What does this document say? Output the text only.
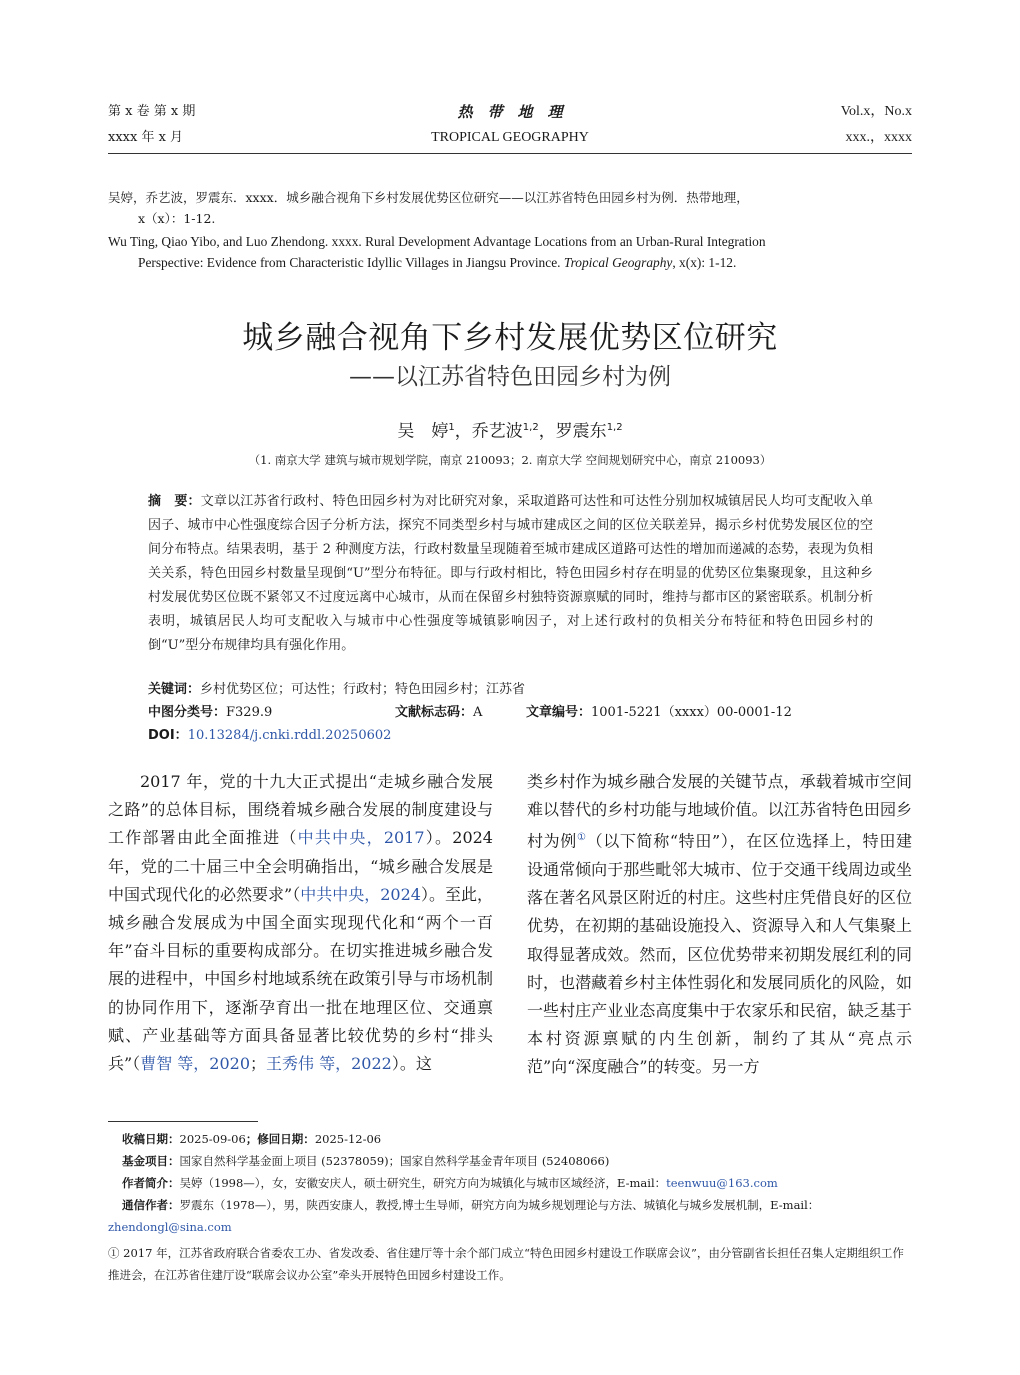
第 x 卷 第 x 期
xxxx 年 x 月
热　带　地　理
TROPICAL GEOGRAPHY
Vol.x，No.x
xxx.，xxxx
吴婷，乔艺波，罗震东．xxxx．城乡融合视角下乡村发展优势区位研究——以江苏省特色田园乡村为例．热带地理，
x（x）：1-12.
Wu Ting, Qiao Yibo, and Luo Zhendong. xxxx. Rural Development Advantage Locations from an Urban-Rural Integration
Perspective: Evidence from Characteristic Idyllic Villages in Jiangsu Province. Tropical Geography, x(x): 1-12.
城乡融合视角下乡村发展优势区位研究
——以江苏省特色田园乡村为例
吴　婷$^1$，乔艺波$^{1,2}$，罗震东$^{1,2}$
（1. 南京大学 建筑与城市规划学院，南京 210093；2. 南京大学 空间规划研究中心，南京 210093）
摘　要：文章以江苏省行政村、特色田园乡村为对比研究对象，采取道路可达性和可达性分别加权城镇居民人均可支配收入单因子、城市中心性强度综合因子分析方法，探究不同类型乡村与城市建成区之间的区位关联差异，揭示乡村优势发展区位的空间分布特点。结果表明，基于 2 种测度方法，行政村数量呈现随着至城市建成区道路可达性的增加而递减的态势，表现为负相关关系，特色田园乡村数量呈现倒“U”型分布特征。即与行政村相比，特色田园乡村存在明显的优势区位集聚现象，且这种乡村发展优势区位既不紧邻又不过度远离中心城市，从而在保留乡村独特资源禀赋的同时，维持与都市区的紧密联系。机制分析表明，城镇居民人均可支配收入与城市中心性强度等城镇影响因子，对上述行政村的负相关分布特征和特色田园乡村的倒“U”型分布规律均具有强化作用。
关键词：乡村优势区位；可达性；行政村；特色田园乡村；江苏省
中图分类号：F329.9	文献标志码：A	文章编号：1001-5221（xxxx）00-0001-12
DOI：10.13284/j.cnki.rddl.20250602

2017 年，党的十九大正式提出“走城乡融合发展之路”的总体目标，围绕着城乡融合发展的制度建设与工作部署由此全面推进（中共中央，2017）。2024 年，党的二十届三中全会明确指出，“城乡融合发展是中国式现代化的必然要求”（中共中央，2024）。至此，城乡融合发展成为中国全面实现现代化和“两个一百年”奋斗目标的重要构成部分。在切实推进城乡融合发展的进程中，中国乡村地域系统在政策引导与市场机制的协同作用下，逐渐孕育出一批在地理区位、交通禀赋、产业基础等方面具备显著比较优势的乡村“排头兵”（曹智 等，2020；王秀伟 等，2022）。这

类乡村作为城乡融合发展的关键节点，承载着城市空间难以替代的乡村功能与地域价值。以江苏省特色田园乡村为例①（以下简称“特田”），在区位选择上，特田建设通常倾向于那些毗邻大城市、位于交通干线周边或坐落在著名风景区附近的村庄。这些村庄凭借良好的区位优势，在初期的基础设施投入、资源导入和人气集聚上取得显著成效。然而，区位优势带来初期发展红利的同时，也潜藏着乡村主体性弱化和发展同质化的风险，如一些村庄产业业态高度集中于农家乐和民宿，缺乏基于本村资源禀赋的内生创新，制约了其从“亮点示范”向“深度融合”的转变。另一方

收稿日期：2025-09-06；修回日期：2025-12-06
基金项目：国家自然科学基金面上项目 (52378059)；国家自然科学基金青年项目 (52408066)
作者简介：吴婷（1998—），女，安徽安庆人，硕士研究生，研究方向为城镇化与城市区域经济，E-mail：teenwuu@163.com
通信作者：罗震东（1978—），男，陕西安康人，教授,博士生导师，研究方向为城乡规划理论与方法、城镇化与城乡发展机制，E-mail：
zhendongl@sina.com
① 2017 年，江苏省政府联合省委农工办、省发改委、省住建厅等十余个部门成立“特色田园乡村建设工作联席会议”，由分管副省长担任召集人定期组织工作推进会，在江苏省住建厅设“联席会议办公室”牵头开展特色田园乡村建设工作。
